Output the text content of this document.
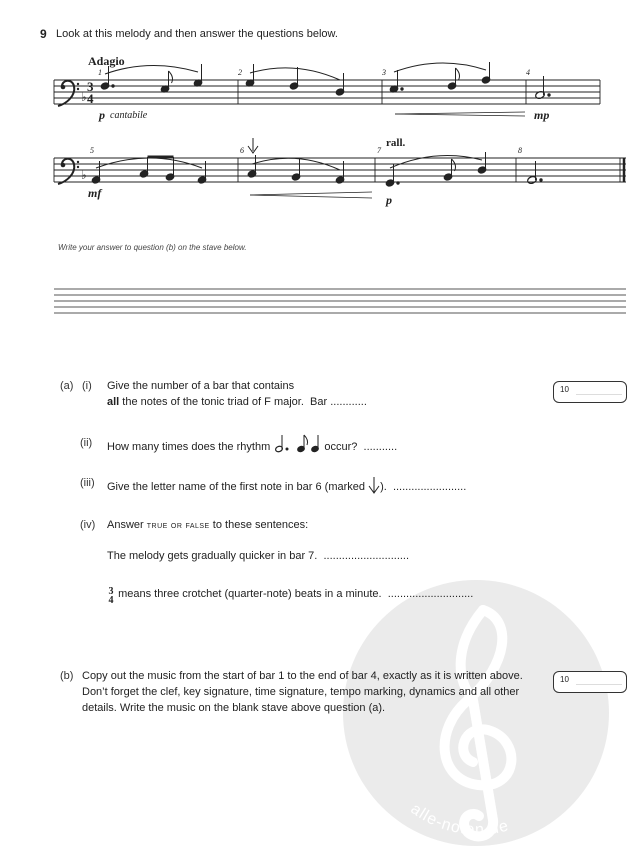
alle-noten.de
9 Look at this melody and then answer the questions below.
Adagio
p cantabile	mp
mf
rall.
p
1	2	3	4
5	6	7	8
♭
3
4
♭
Write your answer to question (b) on the stave below.
(a) (i) Give the number of a bar that contains
all the notes of the tonic triad of F major. Bar ............
10
(ii) How many times does the rhythm	occur? ...........
(iii) Give the letter name of the first note in bar 6 (marked ). ........................
(iv) Answer true or false to these sentences:
The melody gets gradually quicker in bar 7. ............................
3
4
means three crotchet (quarter-note) beats in a minute. ............................
(b) Copy out the music from the start of bar 1 to the end of bar 4, exactly as it is written above.
Don’t forget the clef, key signature, time signature, tempo marking, dynamics and all other
details. Write the music on the blank stave above question (a).
10
